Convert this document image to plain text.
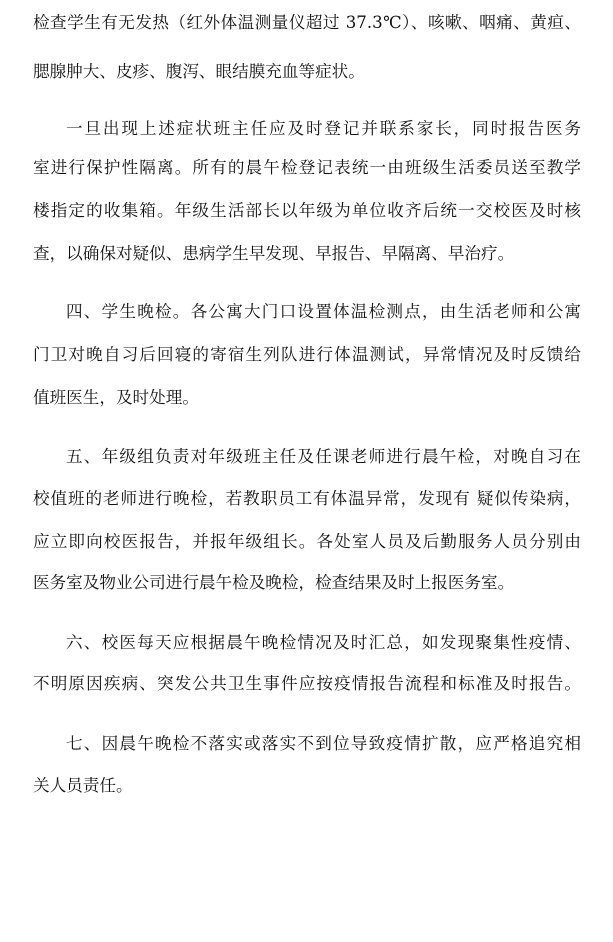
检查学生有无发热（红外体温测量仪超过 37.3℃）、咳嗽、咽痛、黄疸、
腮腺肿大、皮疹、腹泻、眼结膜充血等症状。
一旦出现上述症状班主任应及时登记并联系家长，同时报告医务
室进行保护性隔离。所有的晨午检登记表统一由班级生活委员送至教学
楼指定的收集箱。年级生活部长以年级为单位收齐后统一交校医及时核
查，以确保对疑似、患病学生早发现、早报告、早隔离、早治疗。
四、学生晚检。各公寓大门口设置体温检测点，由生活老师和公寓
门卫对晚自习后回寝的寄宿生列队进行体温测试，异常情况及时反馈给
值班医生，及时处理。
五、年级组负责对年级班主任及任课老师进行晨午检，对晚自习在
校值班的老师进行晚检，若教职员工有体温异常，发现有 疑似传染病，
应立即向校医报告，并报年级组长。各处室人员及后勤服务人员分别由
医务室及物业公司进行晨午检及晚检，检查结果及时上报医务室。
六、校医每天应根据晨午晚检情况及时汇总，如发现聚集性疫情、
不明原因疾病、突发公共卫生事件应按疫情报告流程和标准及时报告。
七、因晨午晚检不落实或落实不到位导致疫情扩散，应严格追究相
关人员责任。
